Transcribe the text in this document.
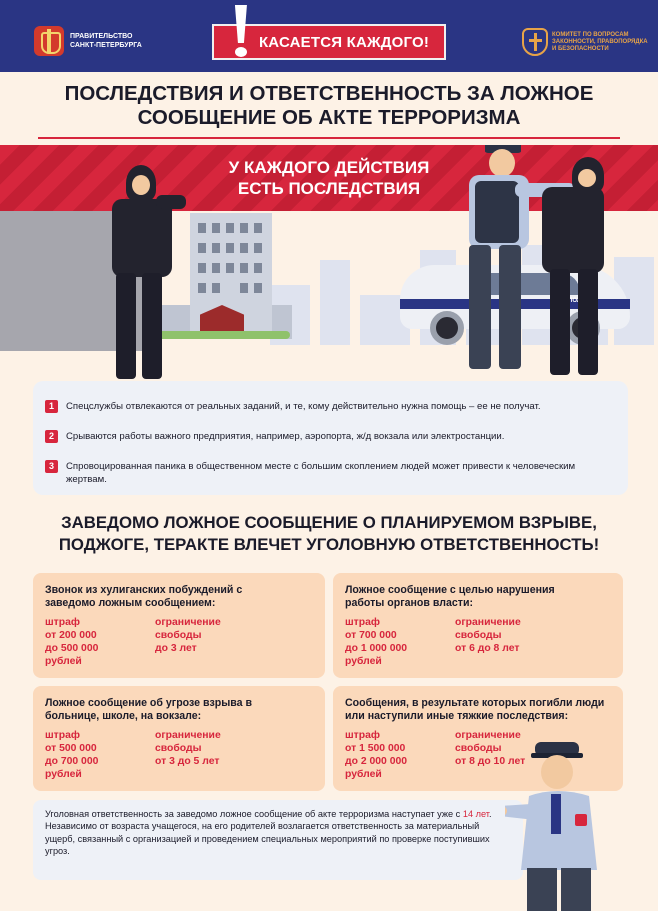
ПРАВИТЕЛЬСТВО САНКТ-ПЕТЕРБУРГА	КАСАЕТСЯ КАЖДОГО!	КОМИТЕТ ПО ВОПРОСАМ ЗАКОННОСТИ, ПРАВОПОРЯДКА И БЕЗОПАСНОСТИ
ПОСЛЕДСТВИЯ И ОТВЕТСТВЕННОСТЬ ЗА ЛОЖНОЕ
СООБЩЕНИЕ ОБ АКТЕ ТЕРРОРИЗМА
У КАЖДОГО ДЕЙСТВИЯ
ЕСТЬ ПОСЛЕДСТВИЯ
1	Спецслужбы отвлекаются от реальных заданий, и те, кому действительно нужна помощь – ее не получат.
2	Срываются работы важного предприятия, например, аэропорта, ж/д вокзала или электростанции.
3	Спровоцированная паника в общественном месте с большим скоплением людей может привести к человеческим жертвам.
ЗАВЕДОМО ЛОЖНОЕ СООБЩЕНИЕ О ПЛАНИРУЕМОМ ВЗРЫВЕ,
ПОДЖОГЕ, ТЕРАКТЕ ВЛЕЧЕТ УГОЛОВНУЮ ОТВЕТСТВЕННОСТЬ!
Звонок из хулиганских побуждений с заведомо ложным сообщением:
штраф
от 200 000
до 500 000
рублей
ограничение
свободы
до 3 лет
Ложное сообщение с целью нарушения работы органов власти:
штраф
от 700 000
до 1 000 000
рублей
ограничение
свободы
от 6 до 8 лет
Ложное сообщение об угрозе взрыва в больнице, школе, на вокзале:
штраф
от 500 000
до 700 000
рублей
ограничение
свободы
от 3 до 5 лет
Сообщения, в результате которых погибли люди или наступили иные тяжкие последствия:
штраф
от 1 500 000
до 2 000 000
рублей
ограничение
свободы
от 8 до 10 лет
Уголовная ответственность за заведомо ложное сообщение об акте терроризма наступает уже с 14 лет.
Независимо от возраста учащегося, на его родителей возлагается ответственность за материальный ущерб, связанный с организацией и проведением специальных мероприятий по проверке поступивших угроз.
